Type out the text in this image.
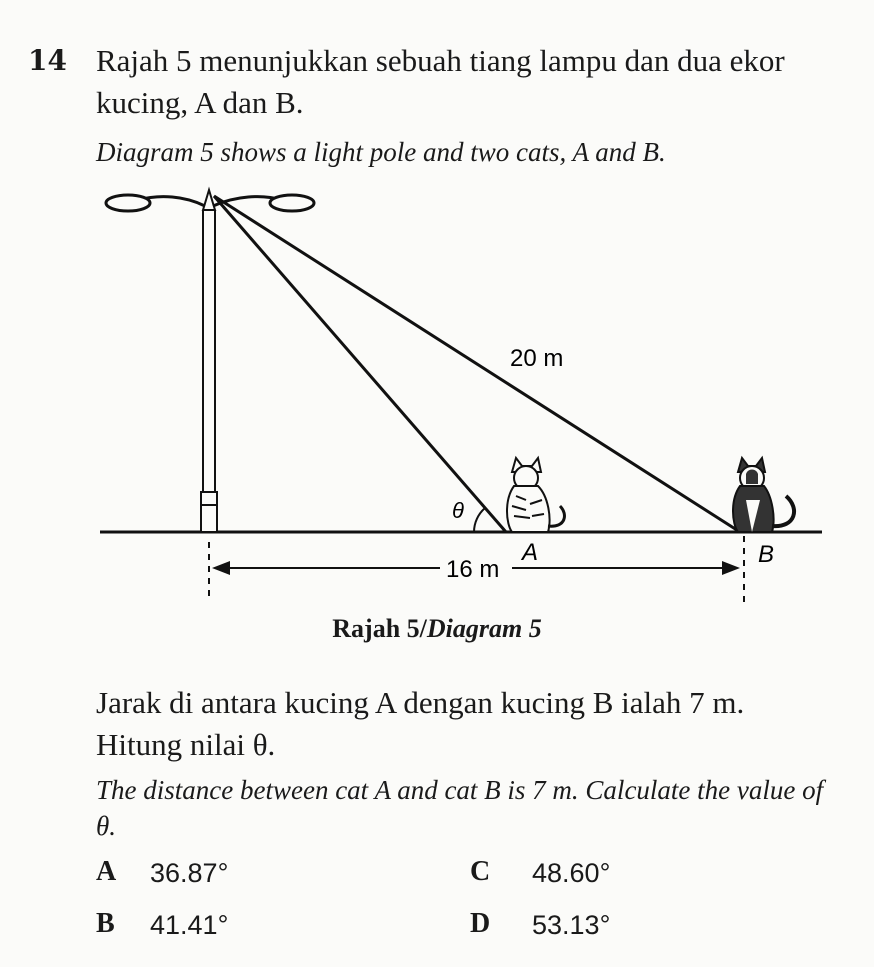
14 Rajah 5 menunjukkan sebuah tiang lampu dan dua ekor kucing, A dan B.
Diagram 5 shows a light pole and two cats, A and B.
θ
20 m
16 m
A	B
Rajah 5/Diagram 5
Jarak di antara kucing A dengan kucing B ialah 7 m. Hitung nilai θ.
The distance between cat A and cat B is 7 m. Calculate the value of θ.
A 36.87°
B 41.41°
C 48.60°
D 53.13°
